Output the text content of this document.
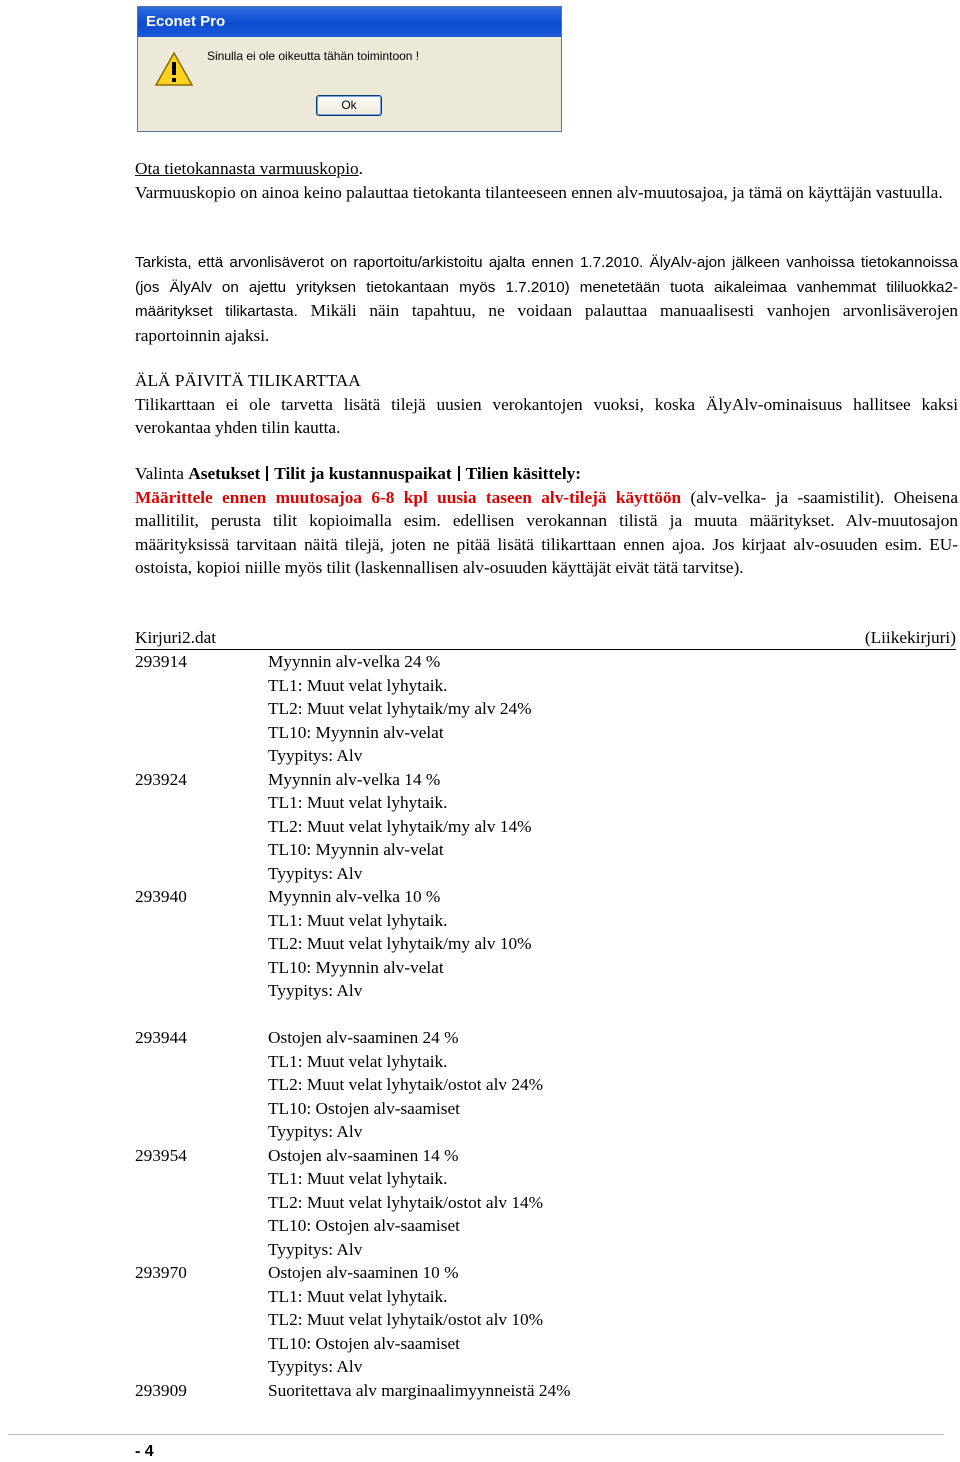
Econet Pro
Sinulla ei ole oikeutta tähän toimintoon !
Ok
Ota tietokannasta varmuuskopio.
Varmuuskopio on ainoa keino palauttaa tietokanta tilanteeseen ennen alv-muutosajoa, ja tämä on käyttäjän vastuulla.
Tarkista, että arvonlisäverot on raportoitu/arkistoitu ajalta ennen 1.7.2010. ÄlyAlv-ajon jälkeen vanhoissa tietokannoissa (jos ÄlyAlv on ajettu yrityksen tietokantaan myös 1.7.2010) menetetään tuota aikaleimaa vanhemmat tililuokka2-määritykset tilikartasta. Mikäli näin tapahtuu, ne voidaan palauttaa manuaalisesti vanhojen arvonlisäverojen raportoinnin ajaksi.
ÄLÄ PÄIVITÄ TILIKARTTAA
Tilikarttaan ei ole tarvetta lisätä tilejä uusien verokantojen vuoksi, koska ÄlyAlv-ominaisuus hallitsee kaksi verokantaa yhden tilin kautta.
Valinta Asetukset Tilit ja kustannuspaikat Tilien käsittely:
Määrittele ennen muutosajoa 6-8 kpl uusia taseen alv-tilejä käyttöön (alv-velka- ja -saamistilit). Oheisena mallitilit, perusta tilit kopioimalla esim. edellisen verokannan tilistä ja muuta määritykset. Alv-muutosajon määrityksissä tarvitaan näitä tilejä, joten ne pitää lisätä tilikarttaan ennen ajoa. Jos kirjaat alv-osuuden esim. EU-ostoista, kopioi niille myös tilit (laskennallisen alv-osuuden käyttäjät eivät tätä tarvitse).
Kirjuri2.dat	(Liikekirjuri)
293914	Myynnin alv-velka 24 %
TL1: Muut velat lyhytaik.
TL2: Muut velat lyhytaik/my alv 24%
TL10: Myynnin alv-velat
Tyypitys: Alv
293924	Myynnin alv-velka 14 %
TL1: Muut velat lyhytaik.
TL2: Muut velat lyhytaik/my alv 14%
TL10: Myynnin alv-velat
Tyypitys: Alv
293940	Myynnin alv-velka 10 %
TL1: Muut velat lyhytaik.
TL2: Muut velat lyhytaik/my alv 10%
TL10: Myynnin alv-velat
Tyypitys: Alv
293944	Ostojen alv-saaminen 24 %
TL1: Muut velat lyhytaik.
TL2: Muut velat lyhytaik/ostot alv 24%
TL10: Ostojen alv-saamiset
Tyypitys: Alv
293954	Ostojen alv-saaminen 14 %
TL1: Muut velat lyhytaik.
TL2: Muut velat lyhytaik/ostot alv 14%
TL10: Ostojen alv-saamiset
Tyypitys: Alv
293970	Ostojen alv-saaminen 10 %
TL1: Muut velat lyhytaik.
TL2: Muut velat lyhytaik/ostot alv 10%
TL10: Ostojen alv-saamiset
Tyypitys: Alv
293909	Suoritettava alv marginaalimyynneistä 24%
- 4
